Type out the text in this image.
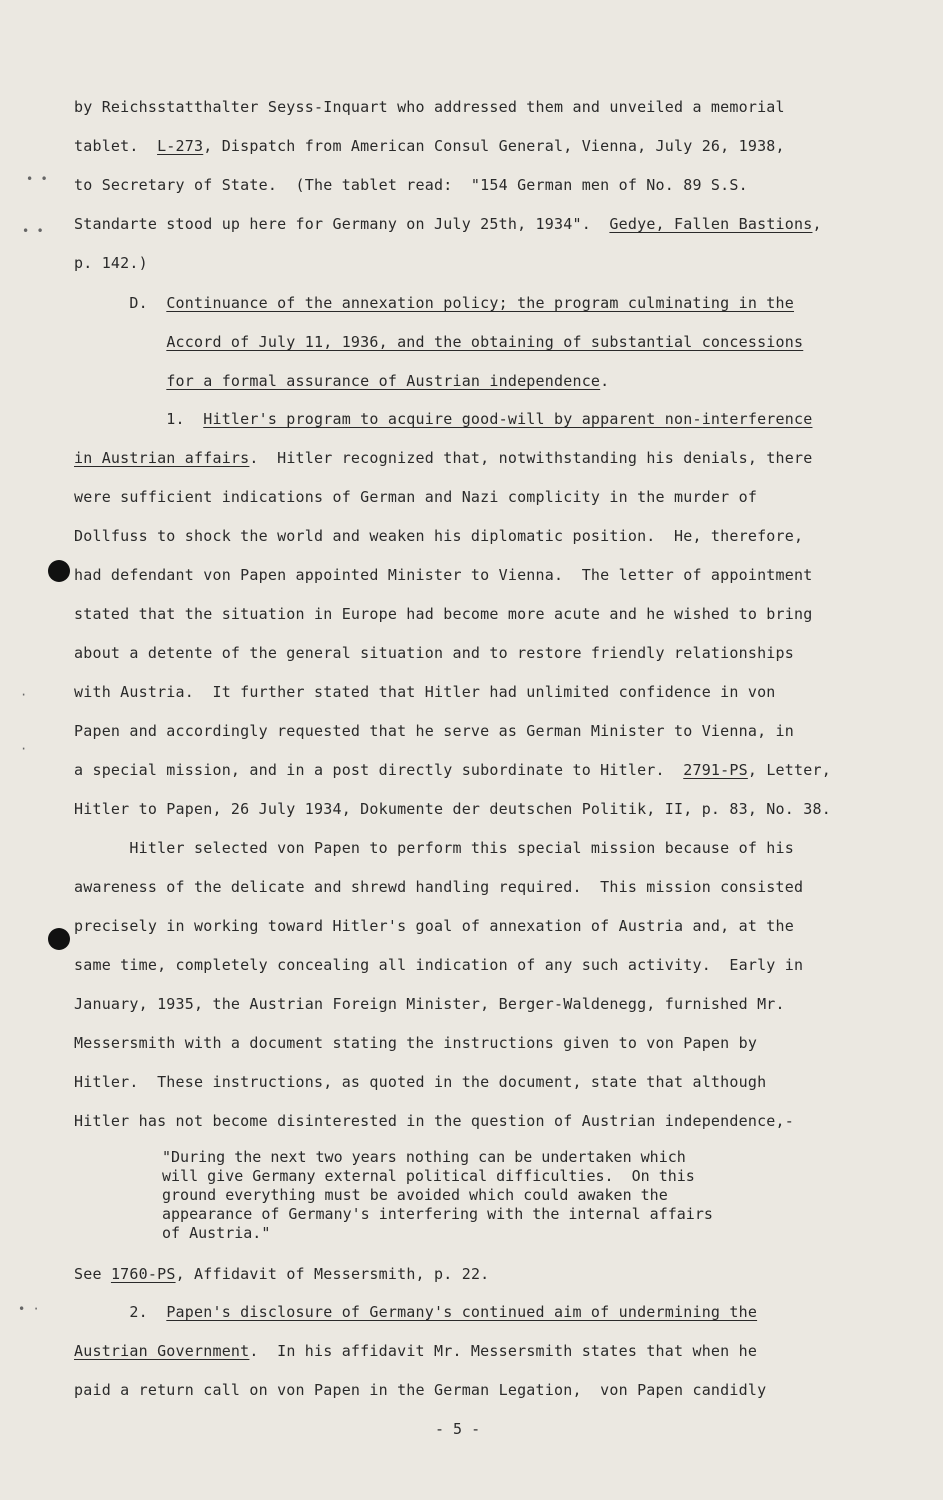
• •
• •
·
·
• ·
by Reichsstatthalter Seyss-Inquart who addressed them and unveiled a memorial
tablet.  L-273, Dispatch from American Consul General, Vienna, July 26, 1938,
to Secretary of State.  (The tablet read:  "154 German men of No. 89 S.S.
Standarte stood up here for Germany on July 25th, 1934".  Gedye, Fallen Bastions,
p. 142.)
D.  Continuance of the annexation policy; the program culminating in the
Accord of July 11, 1936, and the obtaining of substantial concessions
for a formal assurance of Austrian independence.
1.  Hitler's program to acquire good-will by apparent non-interference
in Austrian affairs.  Hitler recognized that, notwithstanding his denials, there
were sufficient indications of German and Nazi complicity in the murder of
Dollfuss to shock the world and weaken his diplomatic position.  He, therefore,
had defendant von Papen appointed Minister to Vienna.  The letter of appointment
stated that the situation in Europe had become more acute and he wished to bring
about a detente of the general situation and to restore friendly relationships
with Austria.  It further stated that Hitler had unlimited confidence in von
Papen and accordingly requested that he serve as German Minister to Vienna, in
a special mission, and in a post directly subordinate to Hitler.  2791-PS, Letter,
Hitler to Papen, 26 July 1934, Dokumente der deutschen Politik, II, p. 83, No. 38.
Hitler selected von Papen to perform this special mission because of his
awareness of the delicate and shrewd handling required.  This mission consisted
precisely in working toward Hitler's goal of annexation of Austria and, at the
same time, completely concealing all indication of any such activity.  Early in
January, 1935, the Austrian Foreign Minister, Berger-Waldenegg, furnished Mr.
Messersmith with a document stating the instructions given to von Papen by
Hitler.  These instructions, as quoted in the document, state that although
Hitler has not become disinterested in the question of Austrian independence,-
"During the next two years nothing can be undertaken which
will give Germany external political difficulties.  On this
ground everything must be avoided which could awaken the
appearance of Germany's interfering with the internal affairs
of Austria."
See 1760-PS, Affidavit of Messersmith, p. 22.
2.  Papen's disclosure of Germany's continued aim of undermining the
Austrian Government.  In his affidavit Mr. Messersmith states that when he
paid a return call on von Papen in the German Legation,  von Papen candidly
- 5 -
